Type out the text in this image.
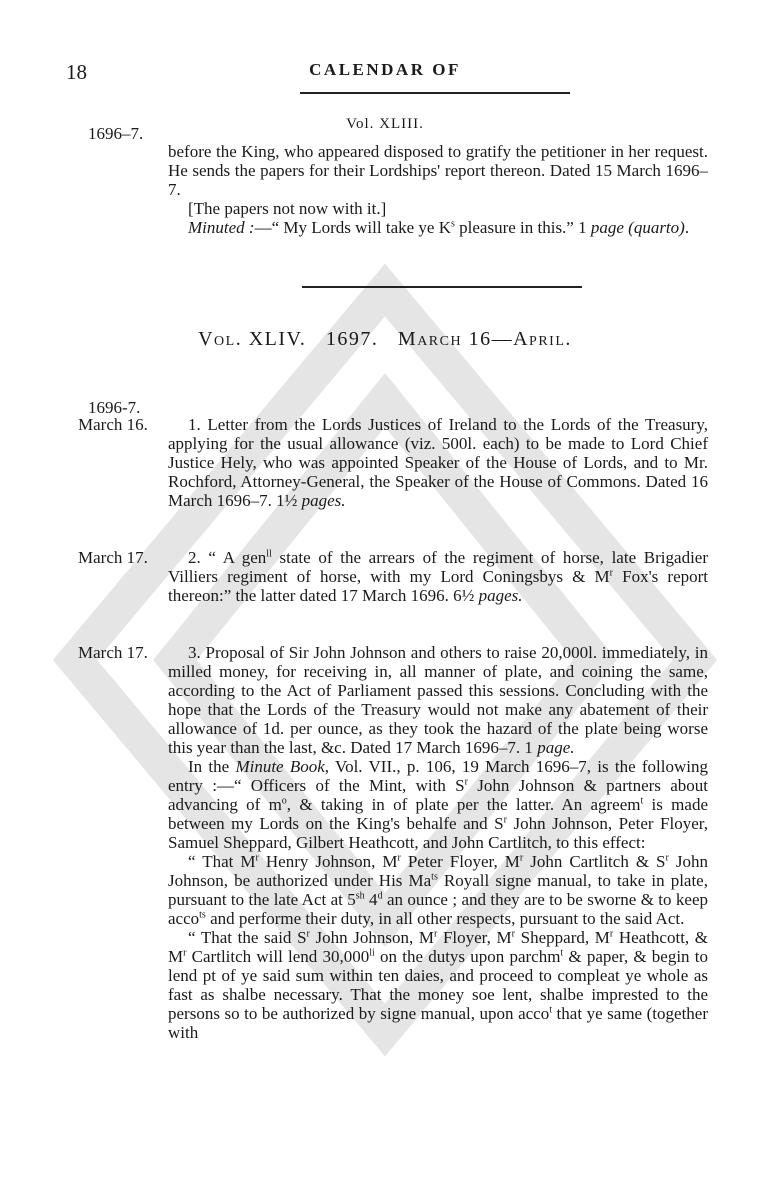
18	CALENDAR OF
Vol. XLIII.
1696–7.

before the King, who appeared disposed to gratify the petitioner in her request. He sends the papers for their Lordships' report thereon. Dated 15 March 1696–7.

[The papers not now with it.]

Minuted :—“ My Lords will take ye $K^s$ pleasure in this.” 1 page (quarto).

Vol. XLIV. 1697. March 16—April.
1696-7.
March 16.	1. Letter from the Lords Justices of Ireland to the Lords of the Treasury, applying for the usual allowance (viz. 500l. each) to be made to Lord Chief Justice Hely, who was appointed Speaker of the House of Lords, and to Mr. Rochford, Attorney-General, the Speaker of the House of Commons. Dated 16 March 1696–7. 1½ pages.

March 17.	2. “ A gen$^{ll}$ state of the arrears of the regiment of horse, late Brigadier Villiers regiment of horse, with my Lord Coningsbys & $M^r$ Fox's report thereon:” the latter dated 17 March 1696. 6½ pages.

March 17.	3. Proposal of Sir John Johnson and others to raise 20,000l. immediately, in milled money, for receiving in, all manner of plate, and coining the same, according to the Act of Parliament passed this sessions. Concluding with the hope that the Lords of the Treasury would not make any abatement of their allowance of 1d. per ounce, as they took the hazard of the plate being worse this year than the last, &c. Dated 17 March 1696–7. 1 page.

In the Minute Book, Vol. VII., p. 106, 19 March 1696–7, is the following entry :—“ Officers of the Mint, with $S^r$ John Johnson & partners about advancing of $m^o$, & taking in of plate per the latter. An agreem$^t$ is made between my Lords on the King's behalfe and $S^r$ John Johnson, Peter Floyer, Samuel Sheppard, Gilbert Heathcott, and John Cartlitch, to this effect:

“ That $M^r$ Henry Johnson, $M^r$ Peter Floyer, $M^r$ John Cartlitch & $S^r$ John Johnson, be authorized under His $Ma^{ts}$ Royall signe manual, to take in plate, pursuant to the late Act at $5^{sh}$ 4$^d$ an ounce ; and they are to be sworne & to keep acco$^{ts}$ and performe their duty, in all other respects, pursuant to the said Act.

“ That the said $S^r$ John Johnson, $M^r$ Floyer, $M^r$ Sheppard, $M^r$ Heathcott, & $M^r$ Cartlitch will lend $30,000^{li}$ on the dutys upon parchm$^t$ & paper, & begin to lend pt of ye said sum within ten daies, and proceed to compleat ye whole as fast as shalbe necessary. That the money soe lent, shalbe imprested to the persons so to be authorized by signe manual, upon acco$^t$ that ye same (together with
